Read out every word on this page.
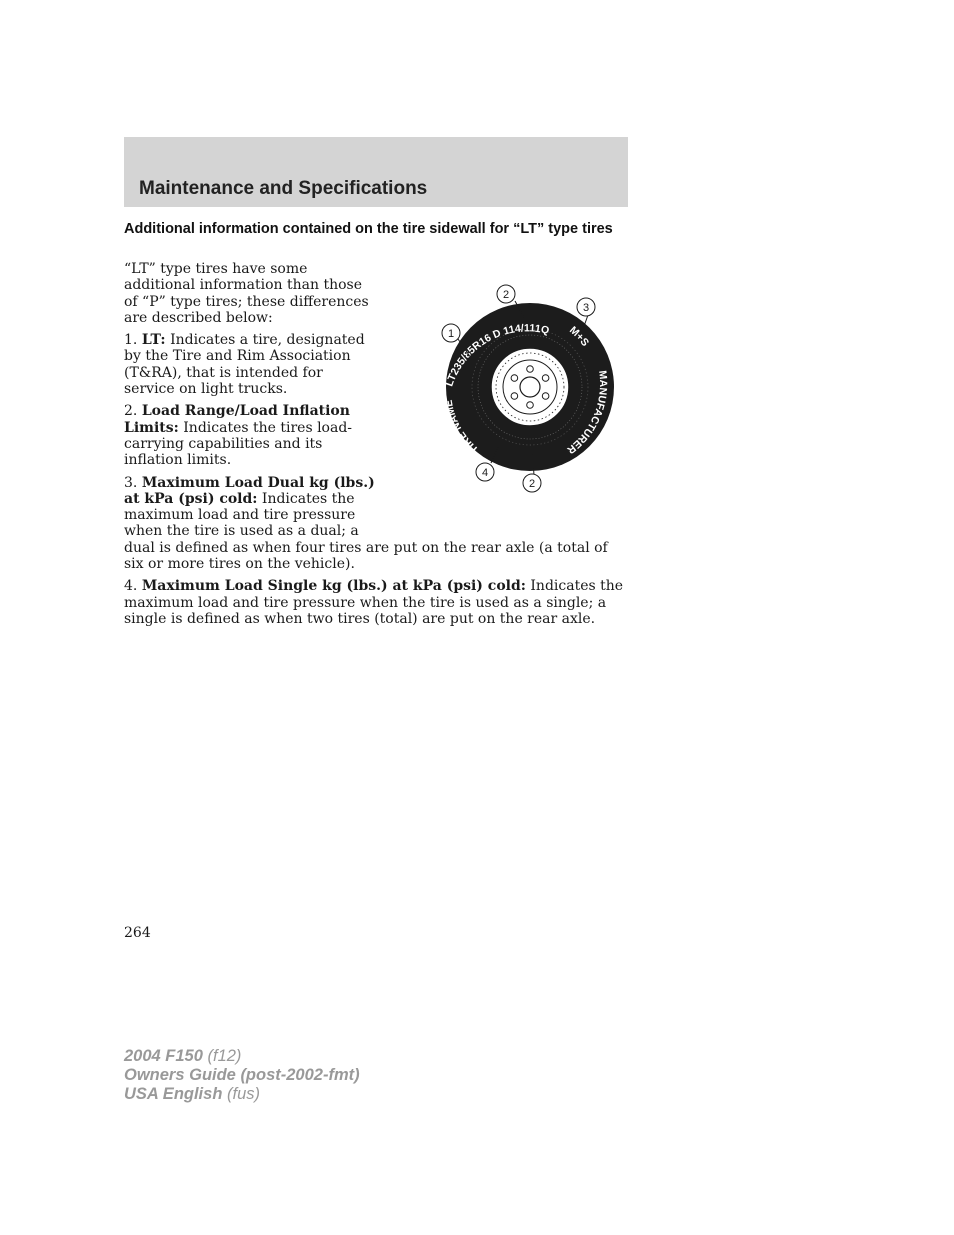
Maintenance and Specifications
Additional information contained on the tire sidewall for “LT” type tires
LT235/85R16 D 114/111Q M+S
MANUFACTURER
TIRE NAME
1
2
3
4
2

“LT” type tires have some additional information than those of “P” type tires; these differences are described below:

1. LT: Indicates a tire, designated by the Tire and Rim Association (T&RA), that is intended for service on light trucks.

2. Load Range/Load Inflation Limits: Indicates the tires load-carrying capabilities and its inflation limits.

3. Maximum Load Dual kg (lbs.) at kPa (psi) cold: Indicates the maximum load and tire pressure when the tire is used as a dual; a dual is defined as when four tires are put on the rear axle (a total of six or more tires on the vehicle).

4. Maximum Load Single kg (lbs.) at kPa (psi) cold: Indicates the maximum load and tire pressure when the tire is used as a single; a single is defined as when two tires (total) are put on the rear axle.

264
2004 F150 (f12)
Owners Guide (post-2002-fmt)
USA English (fus)
